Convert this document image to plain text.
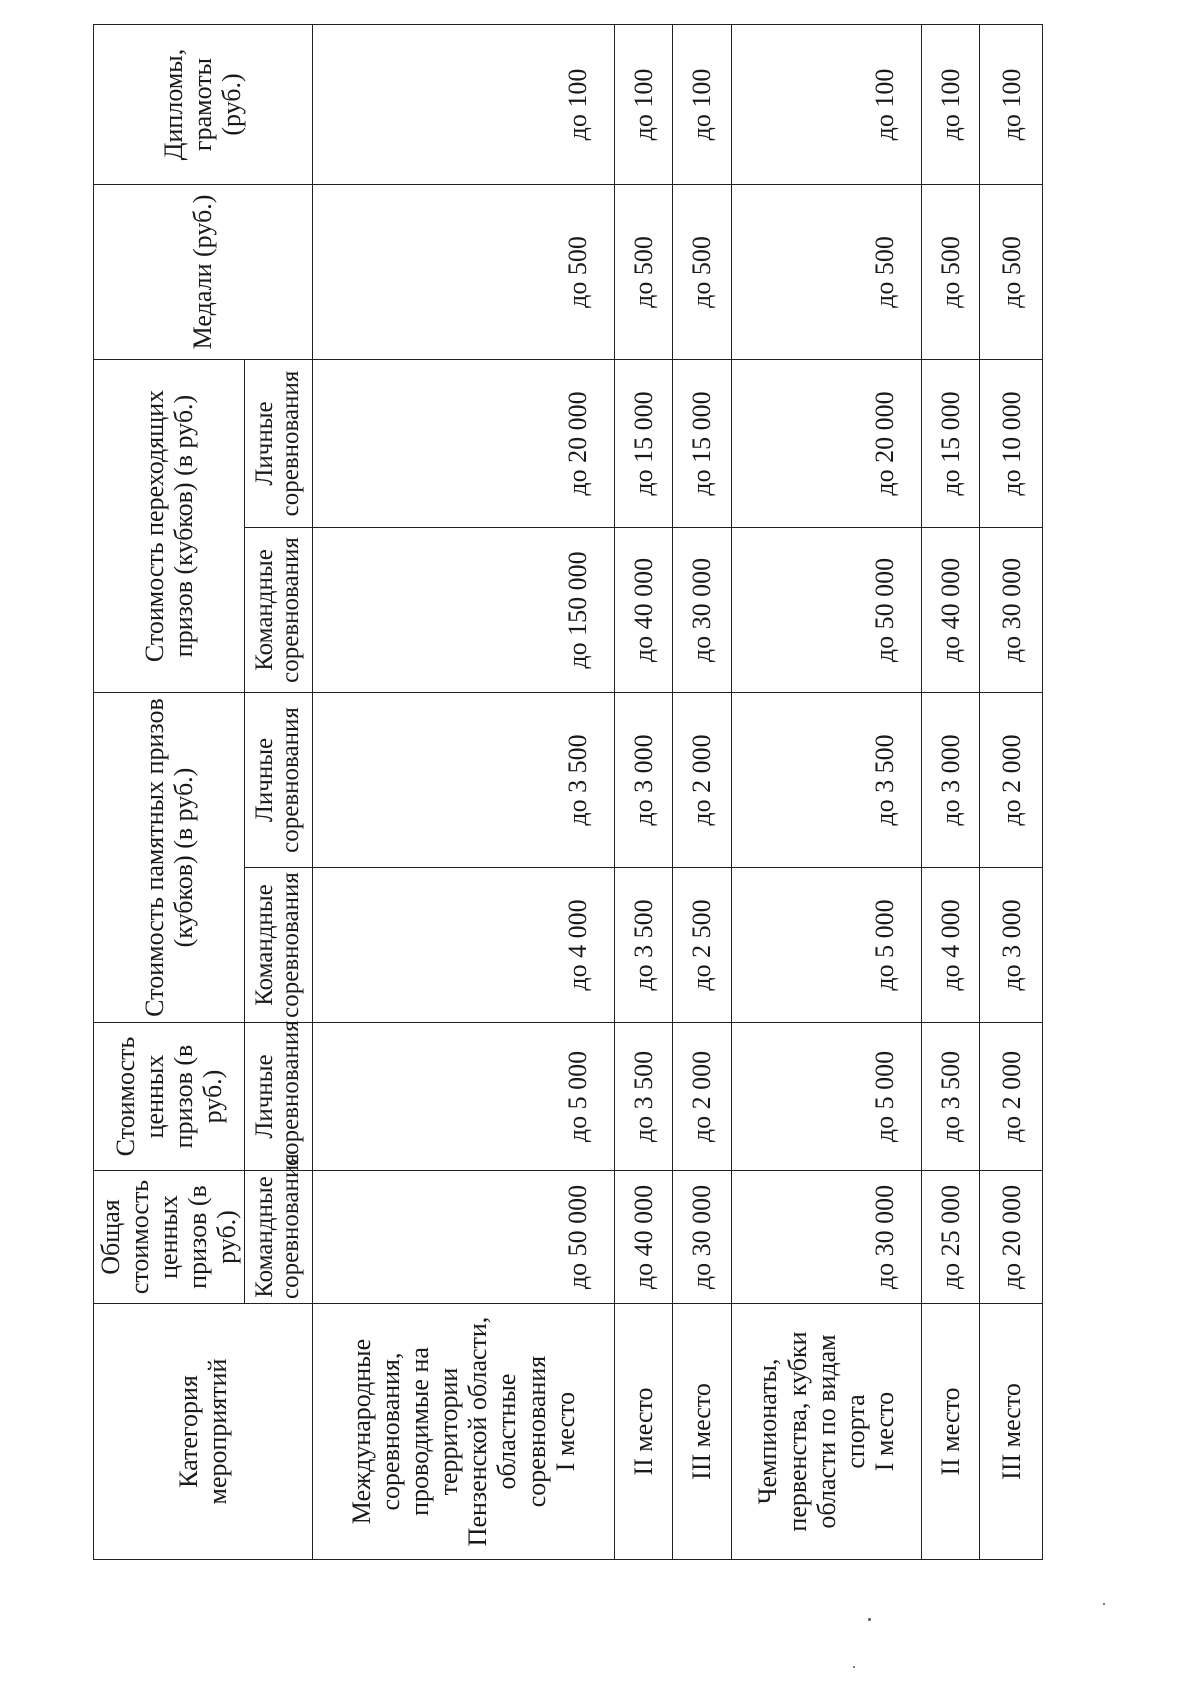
Категория мероприятий	Общая стоимость ценных призов (в руб.)	Стоимость ценных призов (в руб.)	Стоимость памятных призов (кубков) (в руб.)		Стоимость переходящих призов (кубков) (в руб.)		Медали (руб.)	Дипломы, грамоты (руб.)
	Командные соревнования	Личные соревнования	Командные соревнования	Личные соревнования	Командные соревнования	Личные соревнования		
Международные соревнования, проводимые на территории Пензенской области, областные соревнования
I место	до 50 000	до 5 000	до 4 000	до 3 500	до 150 000	до 20 000	до 500	до 100
II место	до 40 000	до 3 500	до 3 500	до 3 000	до 40 000	до 15 000	до 500	до 100
III место	до 30 000	до 2 000	до 2 500	до 2 000	до 30 000	до 15 000	до 500	до 100
Чемпионаты, первенства, кубки области по видам спорта
I место	до 30 000	до 5 000	до 5 000	до 3 500	до 50 000	до 20 000	до 500	до 100
II место	до 25 000	до 3 500	до 4 000	до 3 000	до 40 000	до 15 000	до 500	до 100
III место	до 20 000	до 2 000	до 3 000	до 2 000	до 30 000	до 10 000	до 500	до 100
